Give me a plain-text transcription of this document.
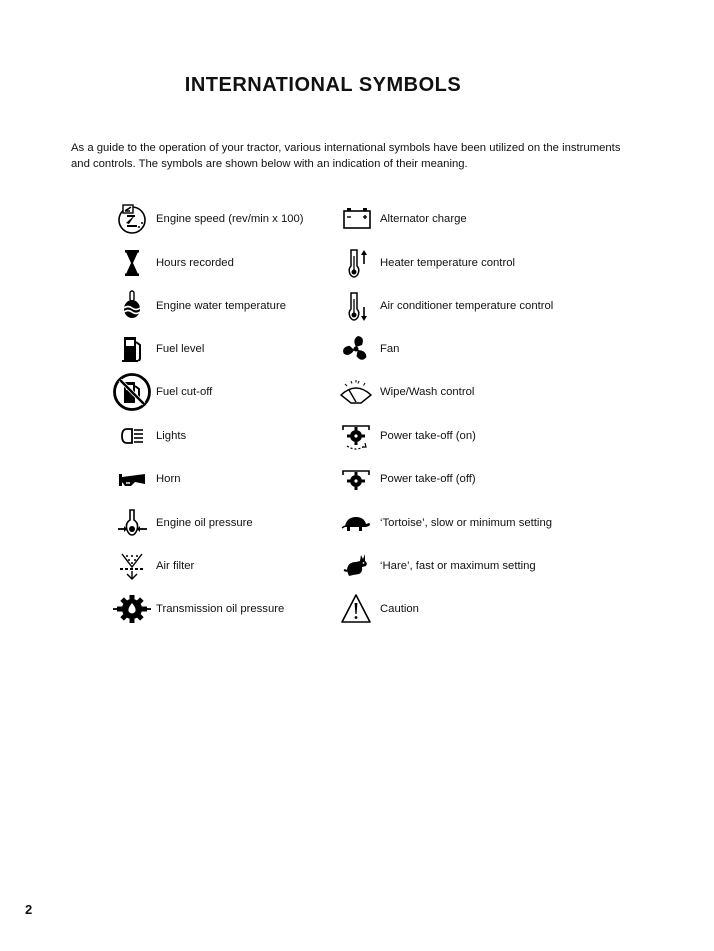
INTERNATIONAL SYMBOLS
As a guide to the operation of your tractor, various international symbols have been utilized on the instruments and controls. The symbols are shown below with an indication of their meaning.
Engine speed (rev/min x 100)
Hours recorded
Engine water temperature
Fuel level
Fuel cut-off
Lights
Horn
Engine oil pressure
Air filter
Transmission oil pressure
Alternator charge
Heater temperature control
Air conditioner temperature control
Fan
Wipe/Wash control
Power take-off (on)
Power take-off (off)
‘Tortoise’, slow or minimum setting
‘Hare’, fast or maximum setting
Caution
2
